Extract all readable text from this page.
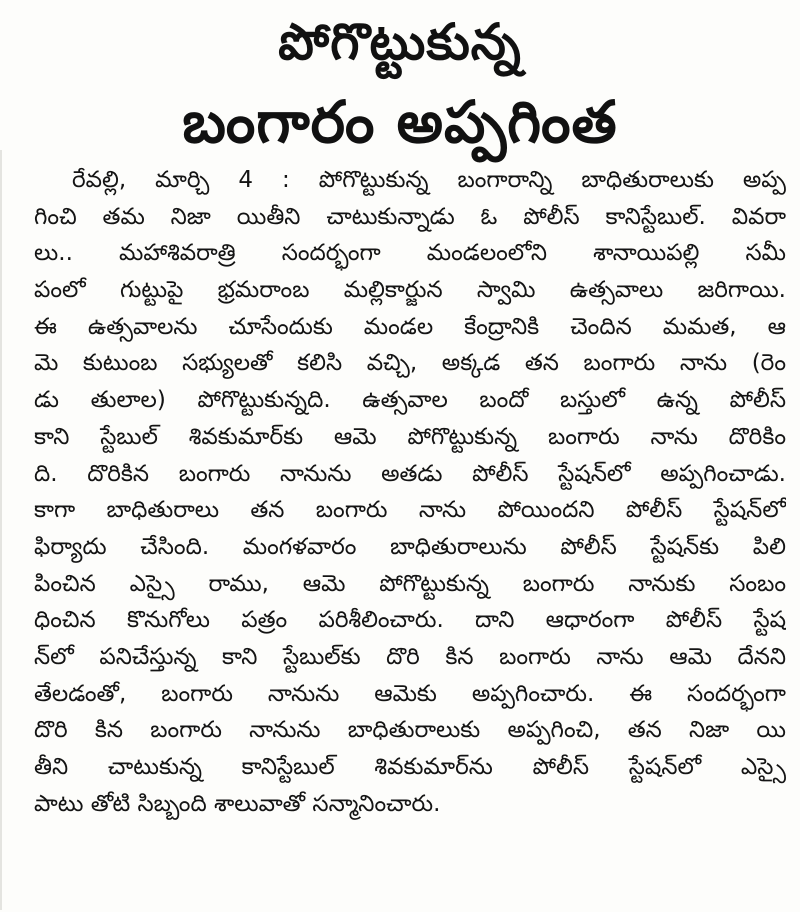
పోగొట్టుకున్న
బంగారం అప్పగింత
రేవల్లి, మార్చి 4 : పోగొట్టుకున్న బంగారాన్ని బాధితురాలుకు అప్ప
గించి తమ నిజా యితీని చాటుకున్నాడు ఓ పోలీస్ కానిస్టేబుల్. వివరా
లు.. మహాశివరాత్రి సందర్భంగా మండలంలోని శానాయిపల్లి సమీ
పంలో గుట్టుపై భ్రమరాంబ మల్లికార్జున స్వామి ఉత్సవాలు జరిగాయి.
ఈ ఉత్సవాలను చూసేందుకు మండల కేంద్రానికి చెందిన మమత, ఆ
మె కుటుంబ సభ్యులతో కలిసి వచ్చి, అక్కడ తన బంగారు నాను (రెం
డు తులాల) పోగొట్టుకున్నది. ఉత్సవాల బందో బస్తులో ఉన్న పోలీస్
కాని స్టేబుల్ శివకుమార్‌కు ఆమె పోగొట్టుకున్న బంగారు నాను దొరికిం
ది. దొరికిన బంగారు నానును అతడు పోలీస్ స్టేషన్‌లో అప్పగించాడు.
కాగా బాధితురాలు తన బంగారు నాను పోయిందని పోలీస్ స్టేషన్‌లో
ఫిర్యాదు చేసింది. మంగళవారం బాధితురాలును పోలీస్ స్టేషన్‌కు పిలి
పించిన ఎస్సై రాము, ఆమె పోగొట్టుకున్న బంగారు నానుకు సంబం
ధించిన కొనుగోలు పత్రం పరిశీలించారు. దాని ఆధారంగా పోలీస్ స్టేష
న్‌లో పనిచేస్తున్న కాని స్టేబుల్‌కు దొరి కిన బంగారు నాను ఆమె దేనని
తేలడంతో, బంగారు నానును ఆమెకు అప్పగించారు. ఈ సందర్భంగా
దొరి కిన బంగారు నానును బాధితురాలుకు అప్పగించి, తన నిజా యి
తీని చాటుకున్న కానిస్టేబుల్ శివకుమార్‌ను పోలీస్ స్టేషన్‌లో ఎస్సై
పాటు తోటి సిబ్బంది శాలువాతో సన్మానించారు.
